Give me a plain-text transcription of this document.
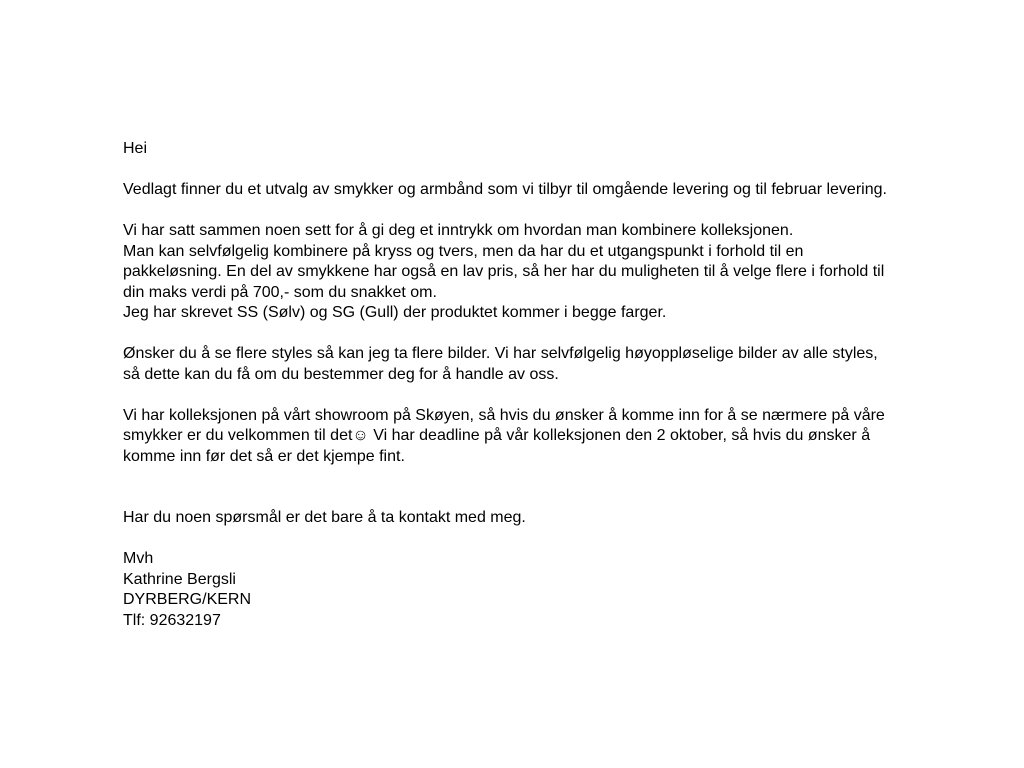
Hei

Vedlagt finner du et utvalg av smykker og armbånd som vi tilbyr til omgående levering og til februar levering.

Vi har satt sammen noen sett for å gi deg et inntrykk om hvordan man kombinere kolleksjonen.

Man kan selvfølgelig kombinere på kryss og tvers, men da har du et utgangspunkt i forhold til en pakkeløsning. En del av smykkene har også en lav pris, så her har du muligheten til å velge flere i forhold til din maks verdi på 700,- som du snakket om.

Jeg har skrevet SS (Sølv) og SG (Gull) der produktet kommer i begge farger.

Ønsker du å se flere styles så kan jeg ta flere bilder. Vi har selvfølgelig høyoppløselige bilder av alle styles, så dette kan du få om du bestemmer deg for å handle av oss.

Vi har kolleksjonen på vårt showroom på Skøyen, så hvis du ønsker å komme inn for å se nærmere på våre smykker er du velkommen til det☺ Vi har deadline på vår kolleksjonen den 2 oktober, så hvis du ønsker å komme inn før det så er det kjempe fint.

Har du noen spørsmål er det bare å ta kontakt med meg.

Mvh

Kathrine Bergsli

DYRBERG/KERN

Tlf: 92632197
